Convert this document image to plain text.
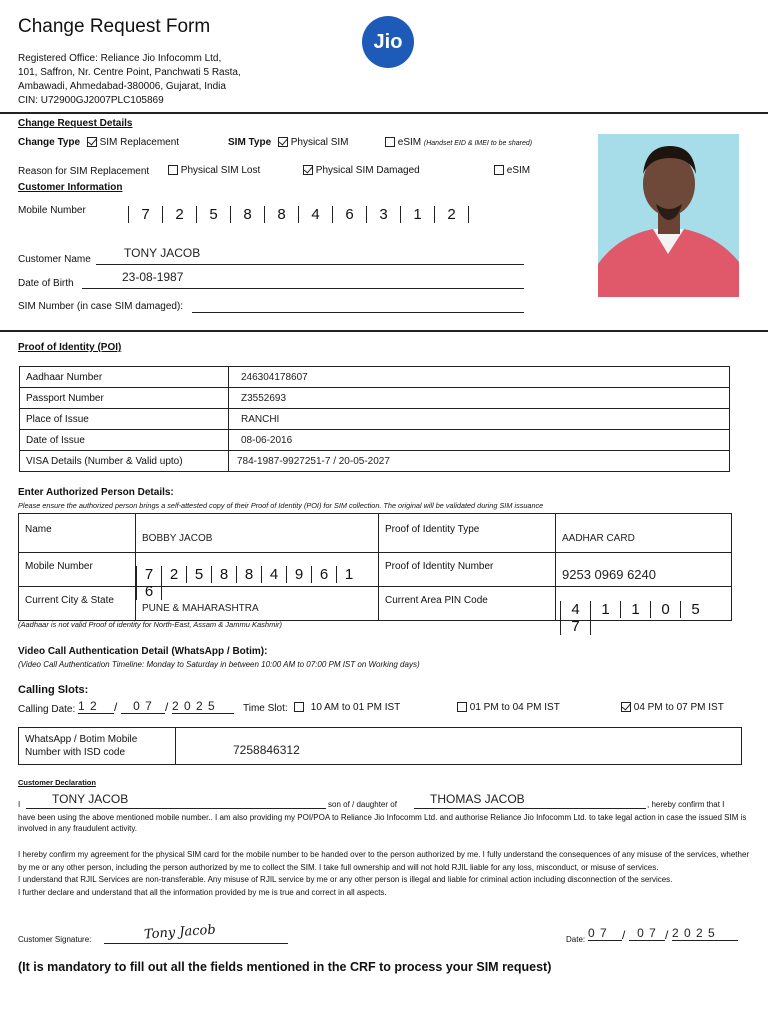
Change Request Form
Registered Office: Reliance Jio Infocomm Ltd,
101, Saffron, Nr. Centre Point, Panchwati 5 Rasta,
Ambawadi, Ahmedabad-380006, Gujarat, India
CIN: U72900GJ2007PLC105869
Jio
Change Request Details
Change Type SIM Replacement	SIM Type Physical SIM	eSIM (Handset EID & IMEI to be shared)
Reason for SIM Replacement	Physical SIM Lost	Physical SIM Damaged	eSIM
Customer Information
Mobile Number	7 2 5 8 8 4 6 3 1 2
Customer Name	TONY JACOB
Date of Birth	23-08-1987
SIM Number (in case SIM damaged):
Proof of Identity (POI)
Aadhaar Number	246304178607
Passport Number	Z3552693
Place of Issue	RANCHI
Date of Issue	08-06-2016
VISA Details (Number & Valid upto)	784-1987-9927251-7 / 20-05-2027
Enter Authorized Person Details:
Please ensure the authorized person brings a self-attested copy of their Proof of Identity (POI) for SIM collection. The original will be validated during SIM issuance
Name	BOBBY JACOB	Proof of Identity Type	AADHAR CARD
Mobile Number	7 2 5 8 8 4 9 6 16	Proof of Identity Number	9253 0969 6240
Current City & State	PUNE & MAHARASHTRA	Current Area PIN Code	4 1 1 0 57
(Aadhaar is not valid Proof of identity for North-East, Assam & Jammu Kashmir)
Video Call Authentication Detail (WhatsApp / Botim):
(Video Call Authentication Timeline: Monday to Saturday in between 10:00 AM to 07:00 PM IST on Working days)
Calling Slots:
Calling Date: 1 2	/	0 7	/ 2 0 2 5	Time Slot:	10 AM to 01 PM IST	01 PM to 04 PM IST	04 PM to 07 PM IST
WhatsApp / Botim Mobile Number with ISD code	7258846312
Customer Declaration
I	TONY JACOB	son of / daughter of	THOMAS JACOB	, hereby confirm that I
have been using the above mentioned mobile number.. I am also providing my POI/POA to Reliance Jio Infocomm Ltd. and authorise Reliance Jio Infocomm Ltd. to take legal action in case the issued SIM is involved in any fraudulent activity.
I hereby confirm my agreement for the physical SIM card for the mobile number to be handed over to the person authorized by me. I fully understand the consequences of any misuse of the services, whether by me or any other person, including the person authorized by me to collect the SIM. I take full ownership and will not hold RJIL liable for any loss, misconduct, or misuse of services.
I understand that RJIL Services are non-transferable. Any misuse of RJIL service by me or any other person is illegal and liable for criminal action including disconnection of the services.
I further declare and understand that all the information provided by me is true and correct in all aspects.
Customer Signature:	Tony Jacob	Date: 0 7	/ 0 7 / 2 0 2 5
(It is mandatory to fill out all the fields mentioned in the CRF to process your SIM request)
